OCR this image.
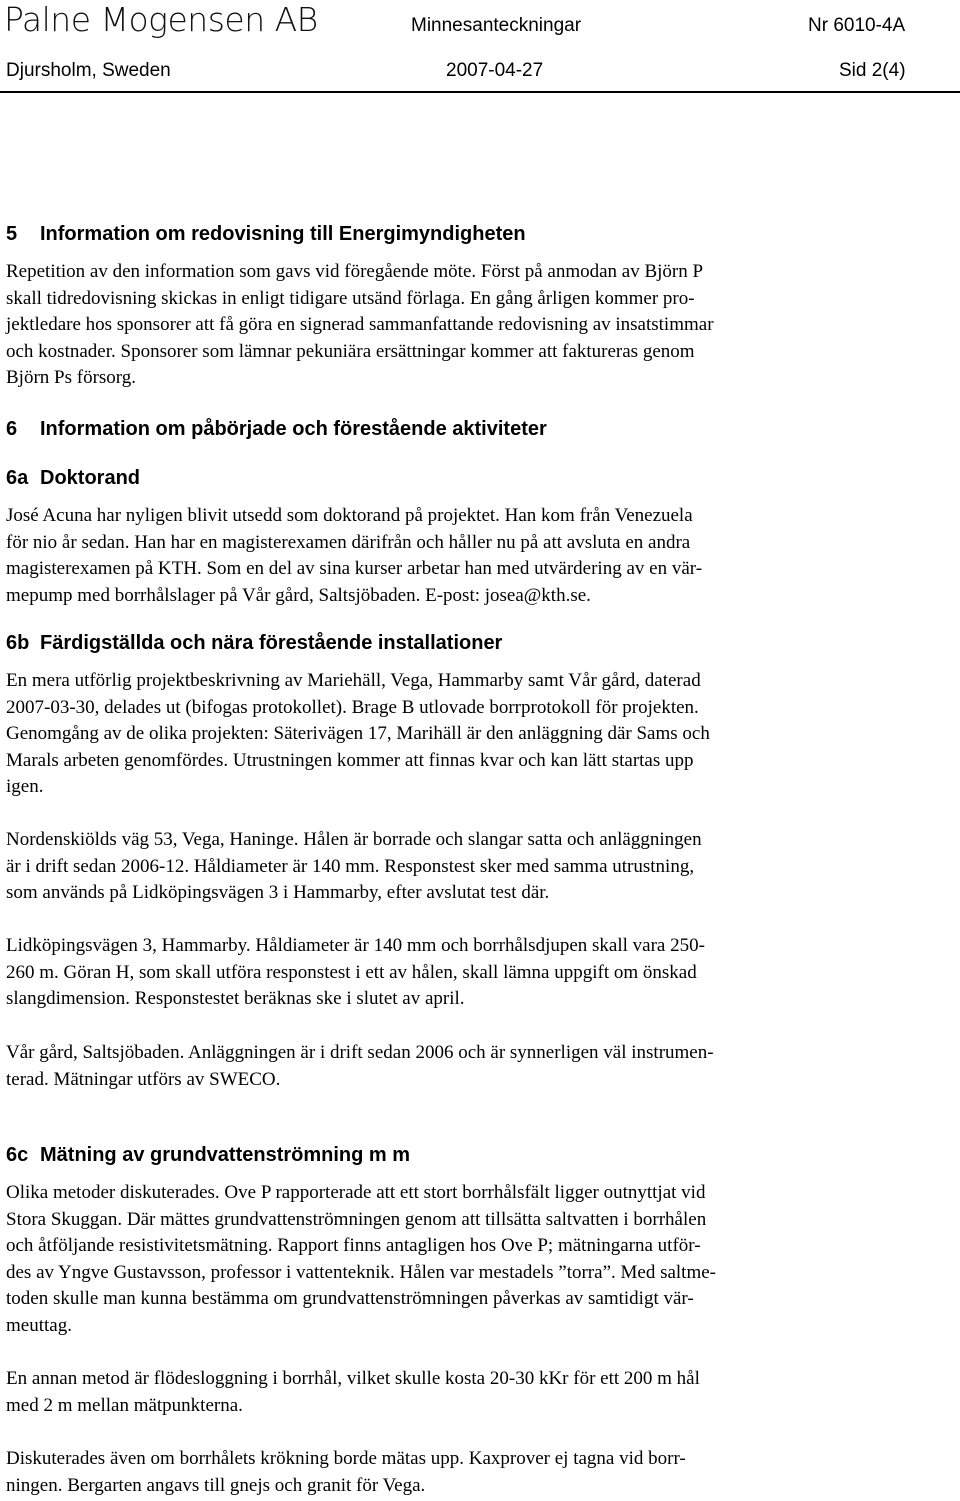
Palne Mogensen AB	Minnesanteckningar	Nr 6010-4A
Djursholm, Sweden	2007-04-27	Sid 2(4)
5 Information om redovisning till Energimyndigheten
Repetition av den information som gavs vid föregående möte. Först på anmodan av Björn P
skall tidredovisning skickas in enligt tidigare utsänd förlaga. En gång årligen kommer pro-
jektledare hos sponsorer att få göra en signerad sammanfattande redovisning av insatstimmar
och kostnader. Sponsorer som lämnar pekuniära ersättningar kommer att faktureras genom
Björn Ps försorg.
6 Information om påbörjade och förestående aktiviteter
6a Doktorand
José Acuna har nyligen blivit utsedd som doktorand på projektet. Han kom från Venezuela
för nio år sedan. Han har en magisterexamen därifrån och håller nu på att avsluta en andra
magisterexamen på KTH. Som en del av sina kurser arbetar han med utvärdering av en vär-
mepump med borrhålslager på Vår gård, Saltsjöbaden. E-post: josea@kth.se.
6b Färdigställda och nära förestående installationer
En mera utförlig projektbeskrivning av Mariehäll, Vega, Hammarby samt Vår gård, daterad
2007-03-30, delades ut (bifogas protokollet). Brage B utlovade borrprotokoll för projekten.
Genomgång av de olika projekten: Säterivägen 17, Marihäll är den anläggning där Sams och
Marals arbeten genomfördes. Utrustningen kommer att finnas kvar och kan lätt startas upp
igen.
Nordenskiölds väg 53, Vega, Haninge. Hålen är borrade och slangar satta och anläggningen
är i drift sedan 2006-12. Håldiameter är 140 mm. Responstest sker med samma utrustning,
som används på Lidköpingsvägen 3 i Hammarby, efter avslutat test där.
Lidköpingsvägen 3, Hammarby. Håldiameter är 140 mm och borrhålsdjupen skall vara 250-
260 m. Göran H, som skall utföra responstest i ett av hålen, skall lämna uppgift om önskad
slangdimension. Responstestet beräknas ske i slutet av april.
Vår gård, Saltsjöbaden. Anläggningen är i drift sedan 2006 och är synnerligen väl instrumen-
terad. Mätningar utförs av SWECO.
6c Mätning av grundvattenströmning m m
Olika metoder diskuterades. Ove P rapporterade att ett stort borrhålsfält ligger outnyttjat vid
Stora Skuggan. Där mättes grundvattenströmningen genom att tillsätta saltvatten i borrhålen
och åtföljande resistivitetsmätning. Rapport finns antagligen hos Ove P; mätningarna utför-
des av Yngve Gustavsson, professor i vattenteknik. Hålen var mestadels ”torra”. Med saltme-
toden skulle man kunna bestämma om grundvattenströmningen påverkas av samtidigt vär-
meuttag.
En annan metod är flödesloggning i borrhål, vilket skulle kosta 20-30 kKr för ett 200 m hål
med 2 m mellan mätpunkterna.
Diskuterades även om borrhålets krökning borde mätas upp. Kaxprover ej tagna vid borr-
ningen. Bergarten angavs till gnejs och granit för Vega.
